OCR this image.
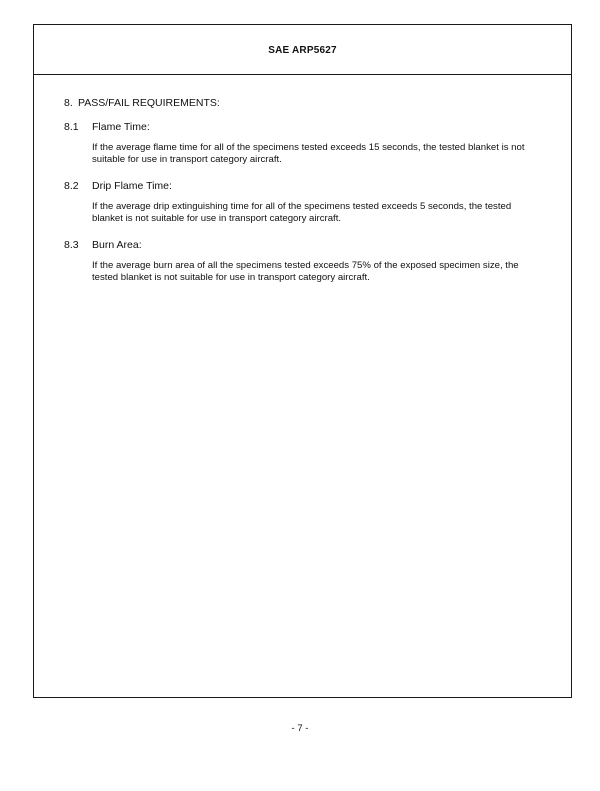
SAE ARP5627
8. PASS/FAIL REQUIREMENTS:
8.1	Flame Time:
If the average flame time for all of the specimens tested exceeds 15 seconds, the tested blanket is not suitable for use in transport category aircraft.
8.2	Drip Flame Time:
If the average drip extinguishing time for all of the specimens tested exceeds 5 seconds, the tested blanket is not suitable for use in transport category aircraft.
8.3	Burn Area:
If the average burn area of all the specimens tested exceeds 75% of the exposed specimen size, the tested blanket is not suitable for use in transport category aircraft.
- 7 -
